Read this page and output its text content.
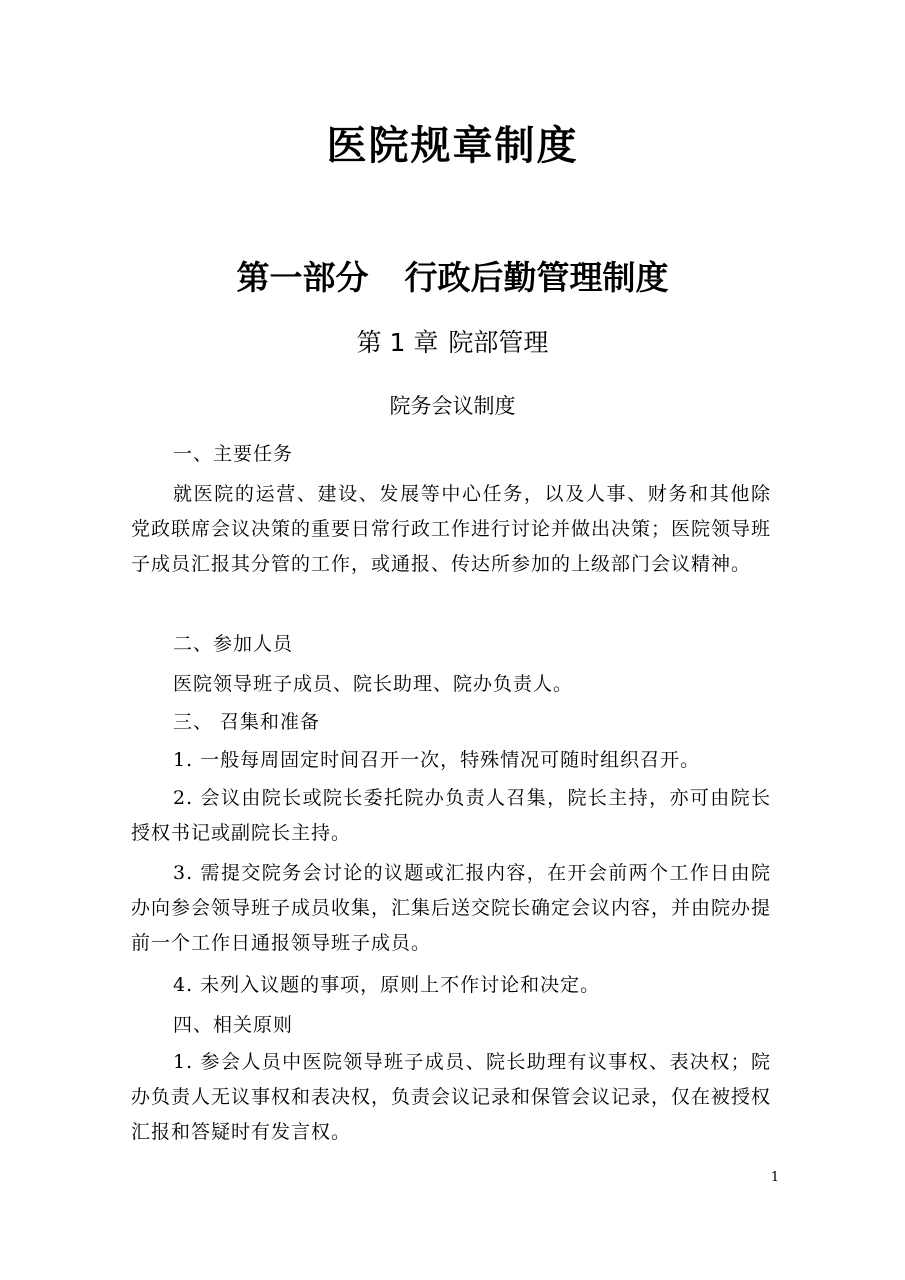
医院规章制度
第一部分 行政后勤管理制度
第 1 章 院部管理
院务会议制度

一、主要任务

就医院的运营、建设、发展等中心任务，以及人事、财务和其他除党政联席会议决策的重要日常行政工作进行讨论并做出决策；医院领导班子成员汇报其分管的工作，或通报、传达所参加的上级部门会议精神。

二、参加人员

医院领导班子成员、院长助理、院办负责人。

三、 召集和准备

1. 一般每周固定时间召开一次，特殊情况可随时组织召开。
2. 会议由院长或院长委托院办负责人召集，院长主持，亦可由院长授权书记或副院长主持。
3. 需提交院务会讨论的议题或汇报内容，在开会前两个工作日由院办向参会领导班子成员收集，汇集后送交院长确定会议内容，并由院办提前一个工作日通报领导班子成员。
4. 未列入议题的事项，原则上不作讨论和决定。

四、相关原则

1. 参会人员中医院领导班子成员、院长助理有议事权、表决权；院办负责人无议事权和表决权，负责会议记录和保管会议记录，仅在被授权汇报和答疑时有发言权。
1
